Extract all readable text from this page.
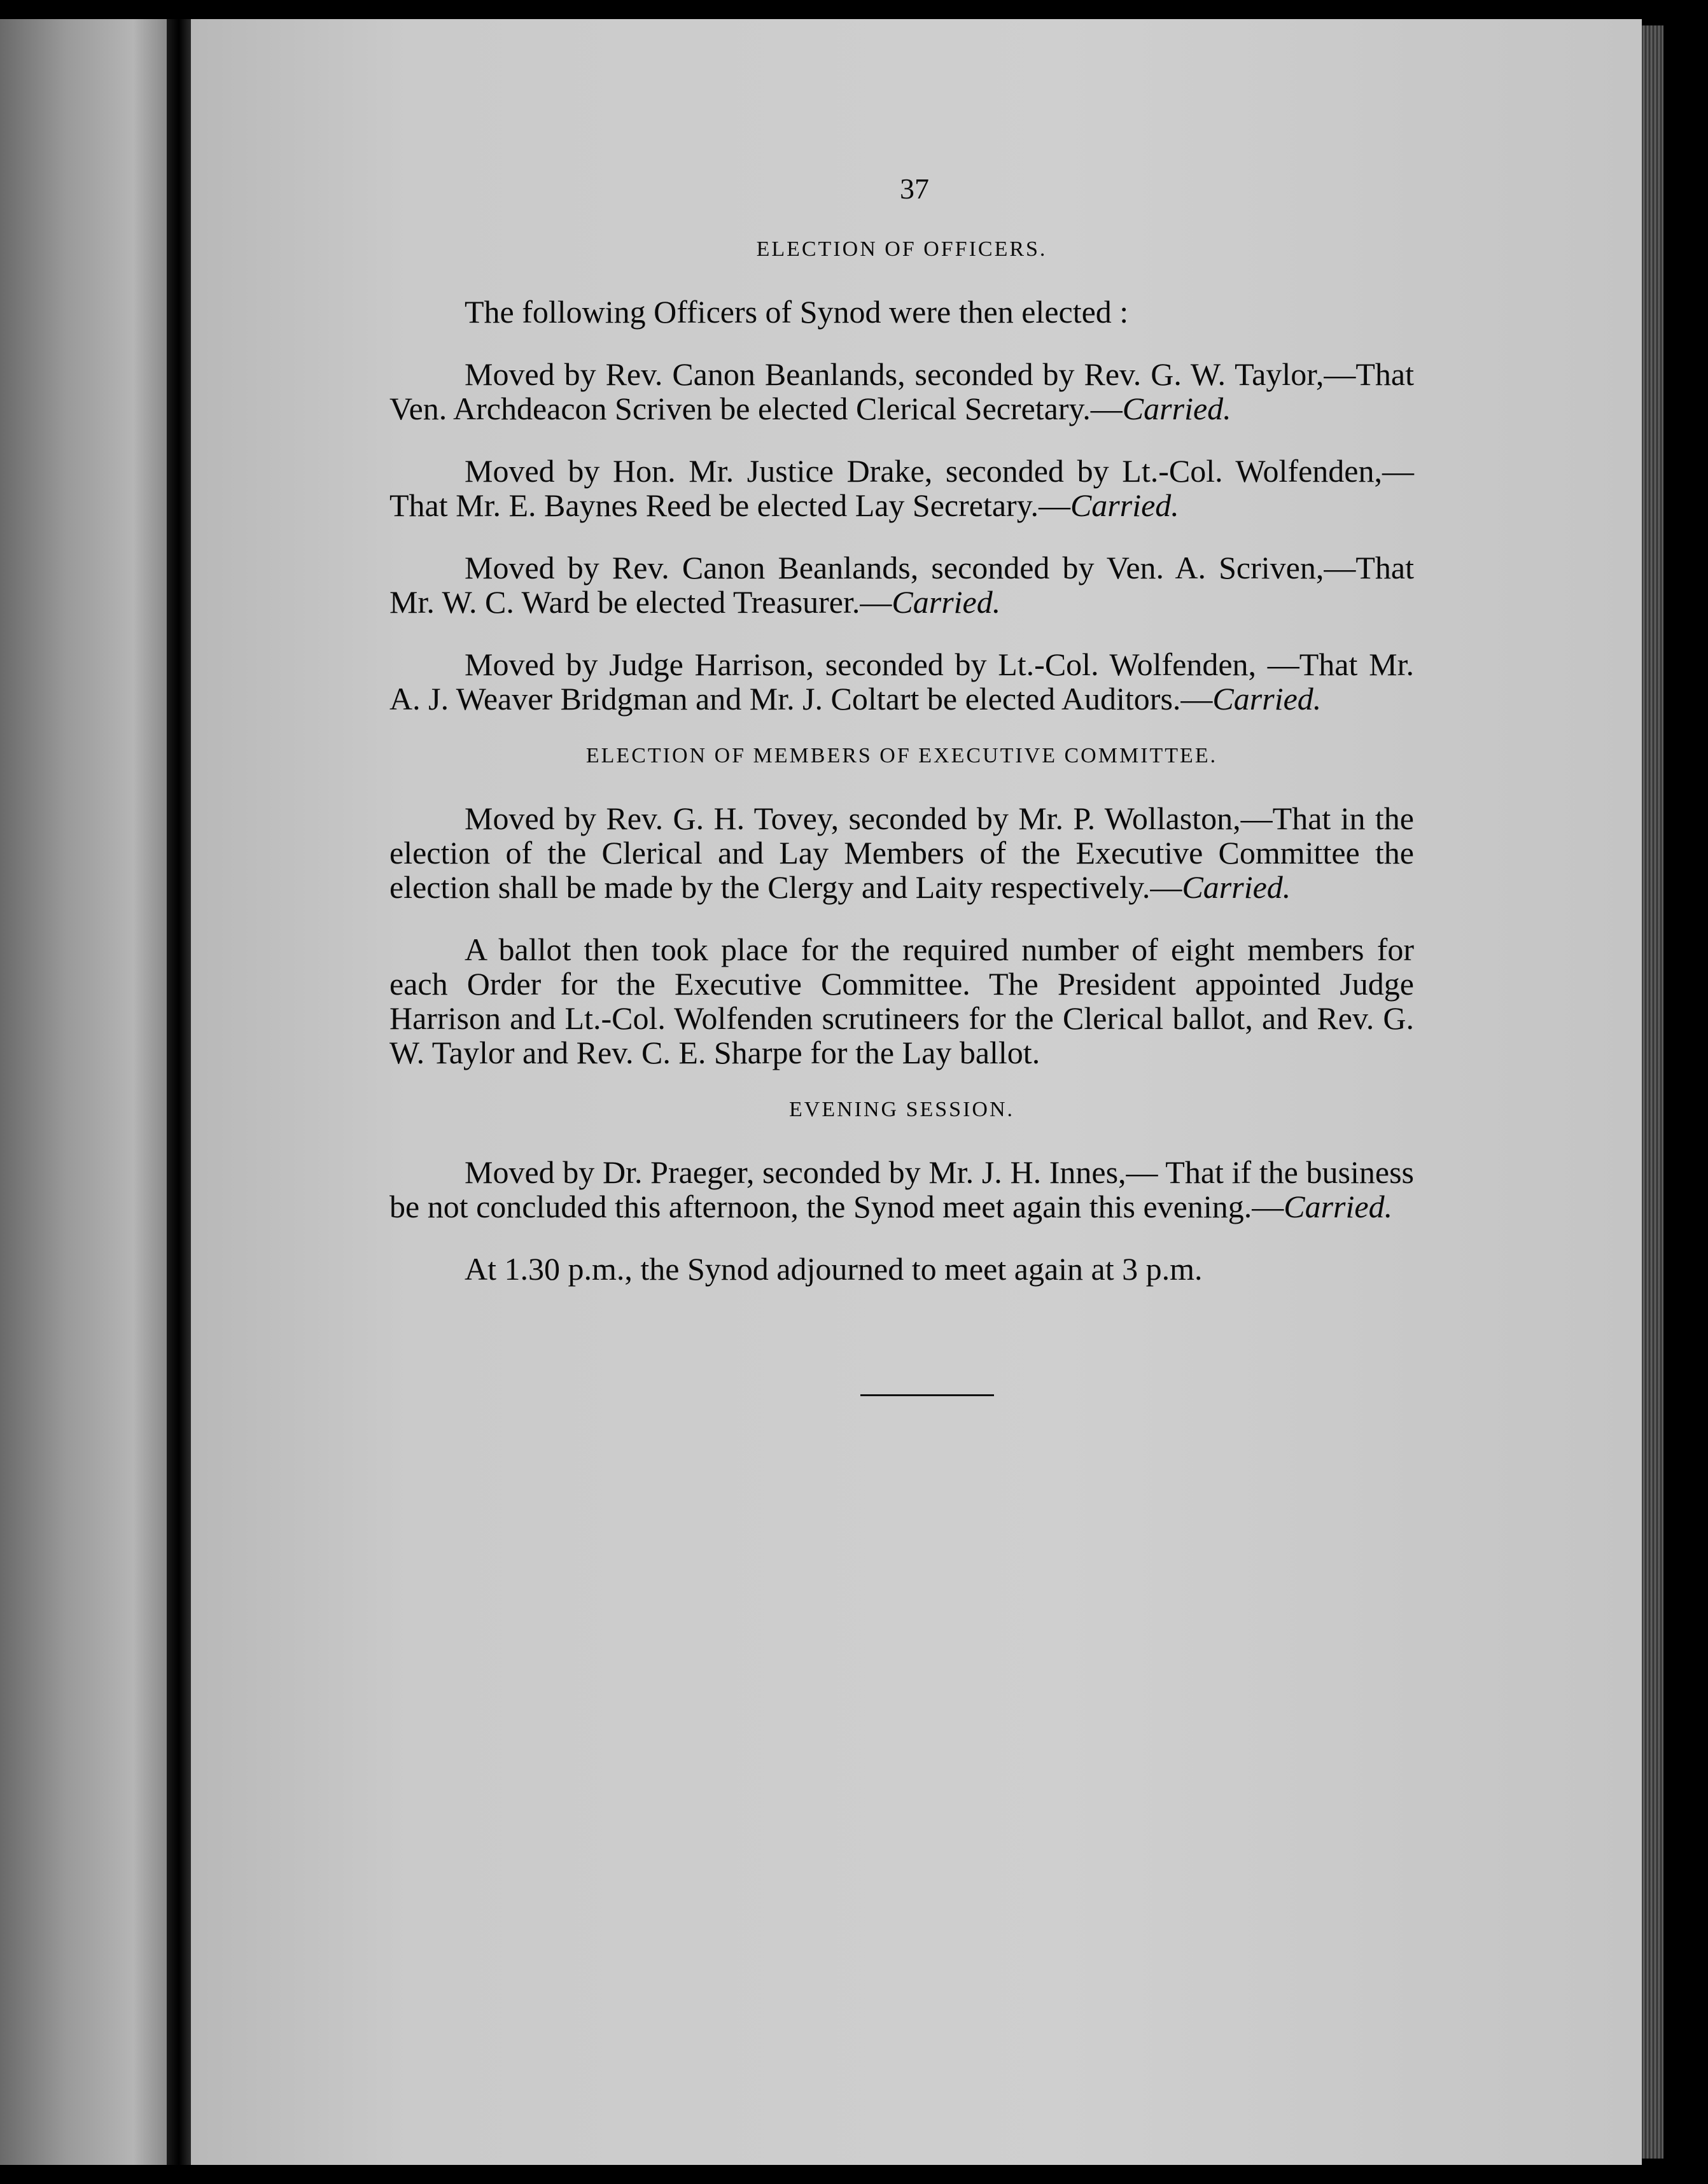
37
ELECTION OF OFFICERS.

The following Officers of Synod were then elected :

Moved by Rev. Canon Beanlands, seconded by Rev. G. W. Taylor,—That Ven. Archdeacon Scriven be elected Clerical Secretary.—Carried.

Moved by Hon. Mr. Justice Drake, seconded by Lt.-Col. Wolfenden,—That Mr. E. Baynes Reed be elected Lay Secretary.—Carried.

Moved by Rev. Canon Beanlands, seconded by Ven. A. Scriven,—That Mr. W. C. Ward be elected Treasurer.—Carried.

Moved by Judge Harrison, seconded by Lt.-Col. Wolfenden, —That Mr. A. J. Weaver Bridgman and Mr. J. Coltart be elected Auditors.—Carried.

ELECTION OF MEMBERS OF EXECUTIVE COMMITTEE.

Moved by Rev. G. H. Tovey, seconded by Mr. P. Wollaston,—That in the election of the Clerical and Lay Members of the Executive Committee the election shall be made by the Clergy and Laity respectively.—Carried.

A ballot then took place for the required number of eight members for each Order for the Executive Committee. The President appointed Judge Harrison and Lt.-Col. Wolfenden scrutineers for the Clerical ballot, and Rev. G. W. Taylor and Rev. C. E. Sharpe for the Lay ballot.

EVENING SESSION.

Moved by Dr. Praeger, seconded by Mr. J. H. Innes,— That if the business be not concluded this afternoon, the Synod meet again this evening.—Carried.

At 1.30 p.m., the Synod adjourned to meet again at 3 p.m.
